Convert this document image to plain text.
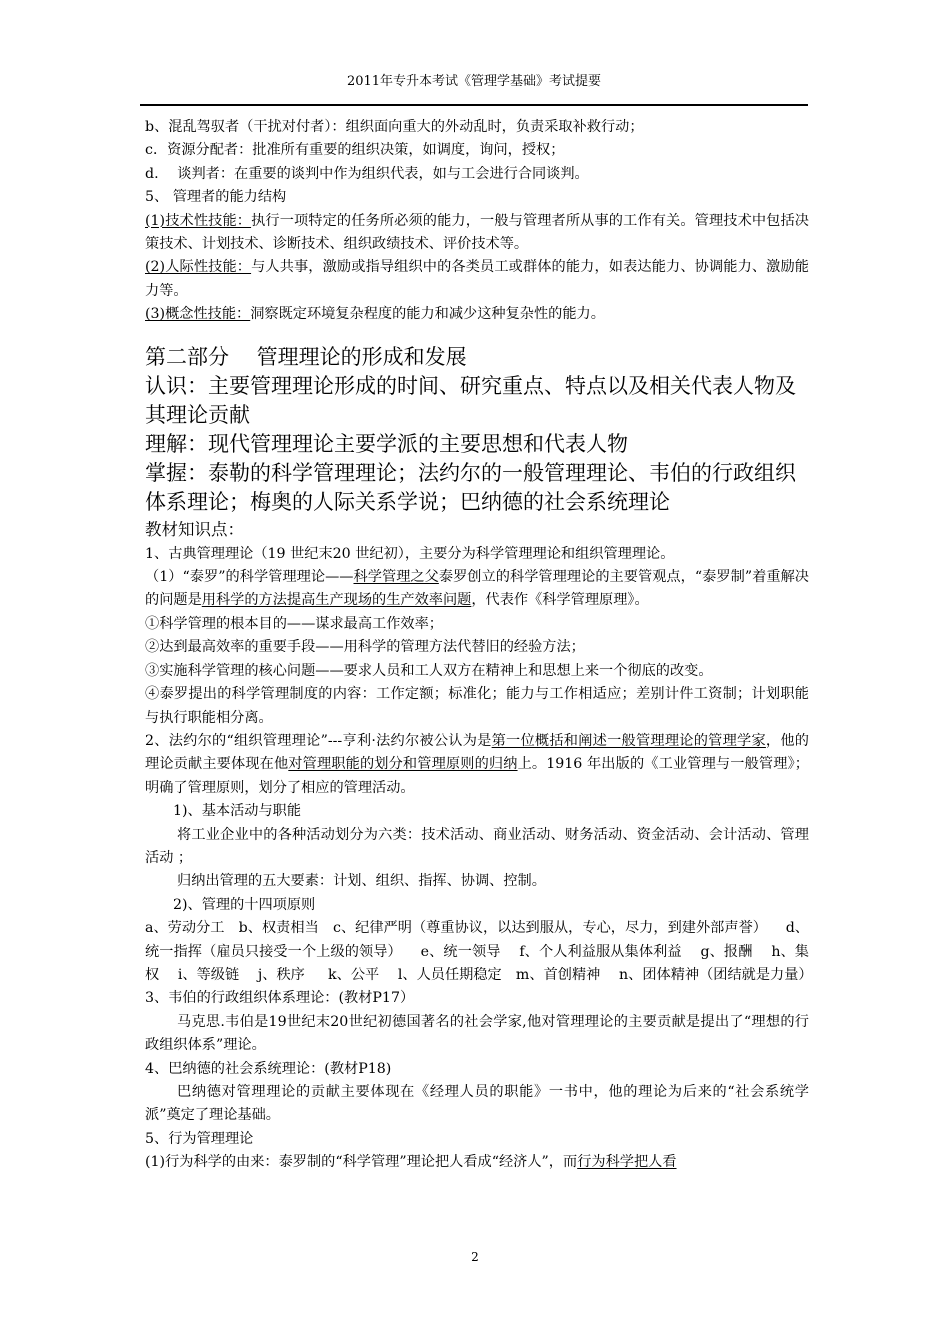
2011年专升本考试《管理学基础》考试提要
b、混乱驾驭者（干扰对付者）：组织面向重大的外动乱时，负责采取补救行动；
c．资源分配者：批准所有重要的组织决策，如调度，询问，授权；
d.　 谈判者：在重要的谈判中作为组织代表，如与工会进行合同谈判。
5、 管理者的能力结构
(1)技术性技能：执行一项特定的任务所必须的能力，一般与管理者所从事的工作有关。管理技术中包括决策技术、计划技术、诊断技术、组织政绩技术、评价技术等。
(2)人际性技能：与人共事，激励或指导组织中的各类员工或群体的能力，如表达能力、协调能力、激励能力等。
(3)概念性技能：洞察既定环境复杂程度的能力和减少这种复杂性的能力。
第二部分　 管理理论的形成和发展
认识：主要管理理论形成的时间、研究重点、特点以及相关代表人物及其理论贡献
理解：现代管理理论主要学派的主要思想和代表人物
掌握：泰勒的科学管理理论；法约尔的一般管理理论、韦伯的行政组织体系理论；梅奥的人际关系学说；巴纳德的社会系统理论
教材知识点：
1、古典管理理论（19 世纪末20 世纪初），主要分为科学管理理论和组织管理理论。
（1）“泰罗”的科学管理理论——科学管理之父泰罗创立的科学管理理论的主要管观点，“泰罗制”着重解决的问题是用科学的方法提高生产现场的生产效率问题，代表作《科学管理原理》。
①科学管理的根本目的——谋求最高工作效率；
②达到最高效率的重要手段——用科学的管理方法代替旧的经验方法；
③实施科学管理的核心问题——要求人员和工人双方在精神上和思想上来一个彻底的改变。
④泰罗提出的科学管理制度的内容：工作定额；标准化；能力与工作相适应；差别计件工资制；计划职能与执行职能相分离。
2、法约尔的“组织管理理论”---亨利·法约尔被公认为是第一位概括和阐述一般管理理论的管理学家，他的理论贡献主要体现在他对管理职能的划分和管理原则的归纳上。1916 年出版的《工业管理与一般管理》；明确了管理原则，划分了相应的管理活动。
1)、基本活动与职能
将工业企业中的各种活动划分为六类：技术活动、商业活动、财务活动、资金活动、会计活动、管理活动 ；
归纳出管理的五大要素：计划、组织、指挥、协调、控制。
2)、管理的十四项原则
a、劳动分工　b、权责相当　c、纪律严明（尊重协议，以达到服从，专心，尽力，到建外部声誉） 　d、统一指挥（雇员只接受一个上级的领导） 　e、统一领导　 f、个人利益服从集体利益　 g、报酬　 h、集权 　i、等级链 　j、秩序 　 k、公平 　l、人员任期稳定　m、首创精神　 n、团体精神（团结就是力量）
3、韦伯的行政组织体系理论：(教材P17）
马克思.韦伯是19世纪末20世纪初德国著名的社会学家,他对管理理论的主要贡献是提出了“理想的行政组织体系”理论。
4、巴纳德的社会系统理论：(教材P18)
巴纳德对管理理论的贡献主要体现在《经理人员的职能》一书中，他的理论为后来的“社会系统学派”奠定了理论基础。
5、行为管理理论
(1)行为科学的由来：泰罗制的“科学管理”理论把人看成“经济人”，而行为科学把人看
2
